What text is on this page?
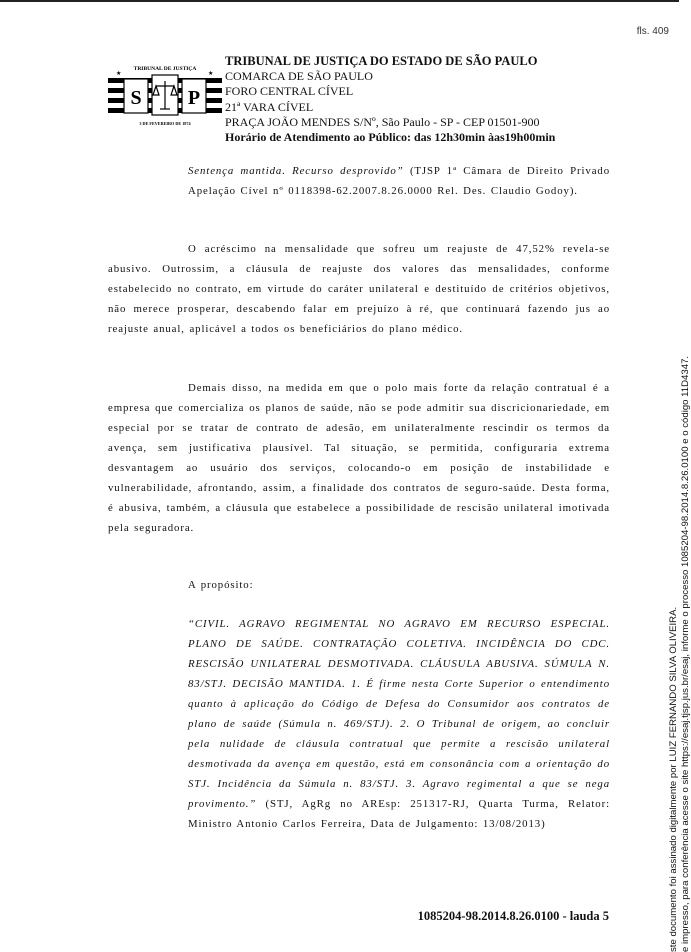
fls. 409
TRIBUNAL DE JUSTIÇA
S P
★	★
3 DE FEVEREIRO DE 1874
TRIBUNAL DE JUSTIÇA DO ESTADO DE SÃO PAULO
COMARCA DE SÃO PAULO
FORO CENTRAL CÍVEL
21ª VARA CÍVEL
PRAÇA JOÃO MENDES S/Nº, São Paulo - SP - CEP 01501-900
Horário de Atendimento ao Público: das 12h30min àas19h00min
Sentença mantida. Recurso desprovido” (TJSP 1ª Câmara de Direito Privado Apelação Cível nº 0118398-62.2007.8.26.0000 Rel. Des. Claudio Godoy).
O acréscimo na mensalidade que sofreu um reajuste de 47,52% revela-se abusivo. Outrossim, a cláusula de reajuste dos valores das mensalidades, conforme estabelecido no contrato, em virtude do caráter unilateral e destituído de critérios objetivos, não merece prosperar, descabendo falar em prejuízo à ré, que continuará fazendo jus ao reajuste anual, aplicável a todos os beneficiários do plano médico.
Demais disso, na medida em que o polo mais forte da relação contratual é a empresa que comercializa os planos de saúde, não se pode admitir sua discricionariedade, em especial por se tratar de contrato de adesão, em unilateralmente rescindir os termos da avença, sem justificativa plausível. Tal situação, se permitida, configuraria extrema desvantagem ao usuário dos serviços, colocando-o em posição de instabilidade e vulnerabilidade, afrontando, assim, a finalidade dos contratos de seguro-saúde. Desta forma, é abusiva, também, a cláusula que estabelece a possibilidade de rescisão unilateral imotivada pela seguradora.
A propósito:
“CIVIL. AGRAVO REGIMENTAL NO AGRAVO EM RECURSO ESPECIAL. PLANO DE SAÚDE. CONTRATAÇÃO COLETIVA. INCIDÊNCIA DO CDC. RESCISÃO UNILATERAL DESMOTIVADA. CLÁUSULA ABUSIVA. SÚMULA N. 83/STJ. DECISÃO MANTIDA. 1. É firme nesta Corte Superior o entendimento quanto à aplicação do Código de Defesa do Consumidor aos contratos de plano de saúde (Súmula n. 469/STJ). 2. O Tribunal de origem, ao concluir pela nulidade de cláusula contratual que permite a rescisão unilateral desmotivada da avença em questão, está em consonância com a orientação do STJ. Incidência da Súmula n. 83/STJ. 3. Agravo regimental a que se nega provimento.” (STJ, AgRg no AREsp: 251317-RJ, Quarta Turma, Relator: Ministro Antonio Carlos Ferreira, Data de Julgamento: 13/08/2013)
1085204-98.2014.8.26.0100 - lauda 5	ste documento foi assinado digitalmente por LUIZ FERNANDO SILVA OLIVEIRA. e impresso, para conferência acesse o site https://esaj.tjsp.jus.br/esaj, informe o processo 1085204-98.2014.8.26.0100 e o código 11D4347.
